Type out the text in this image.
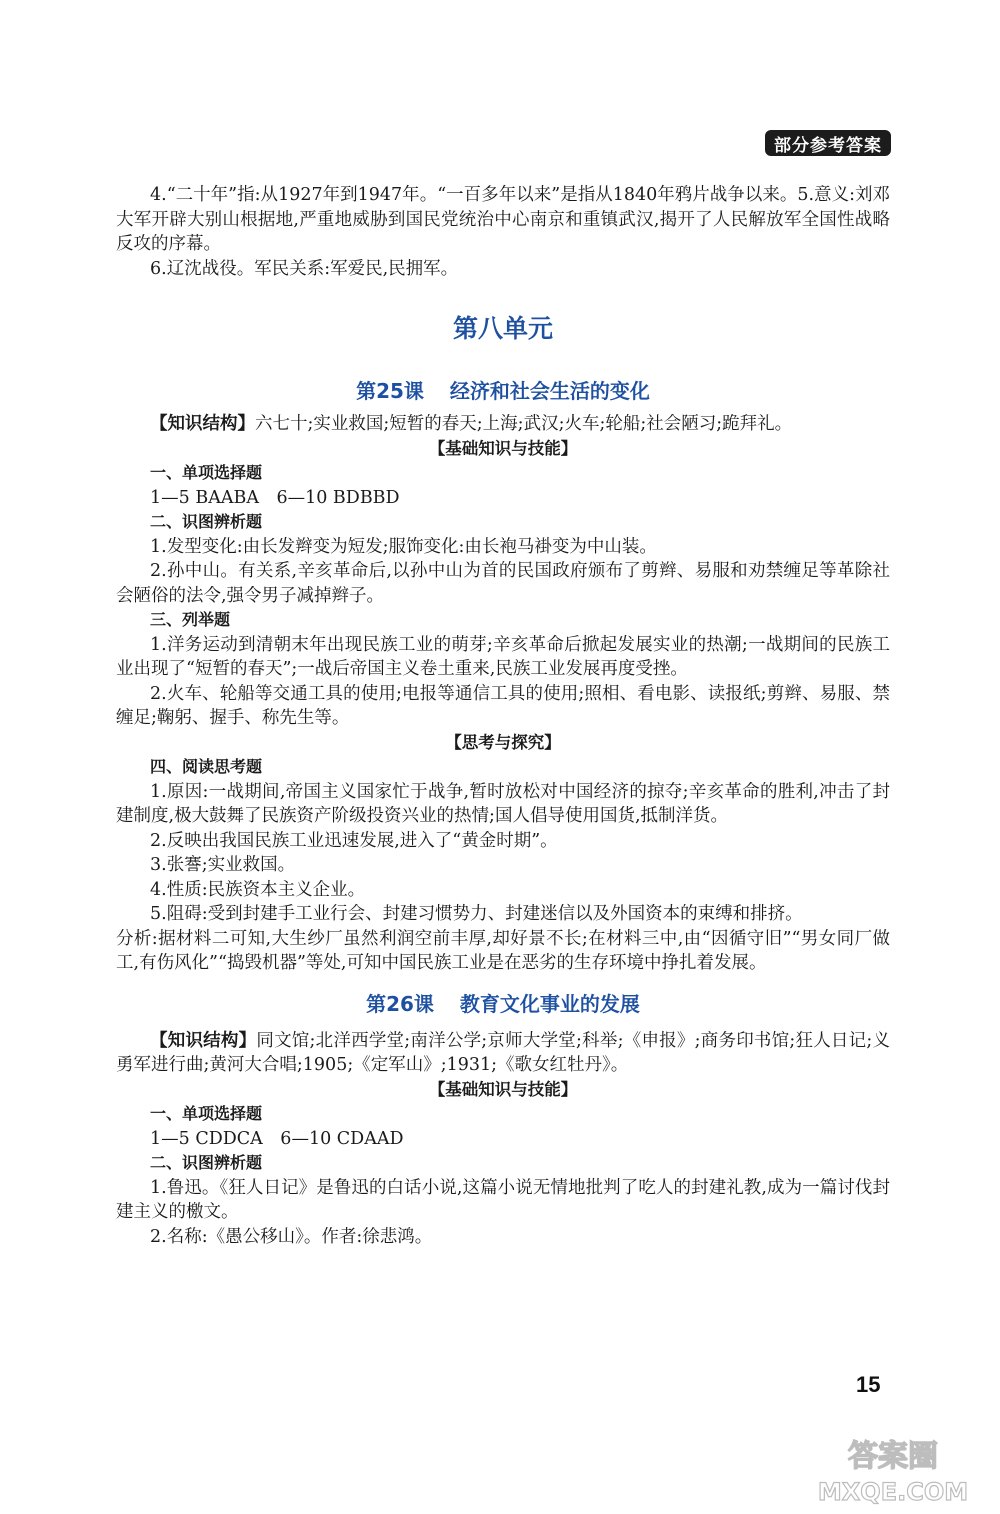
部分参考答案

4.“二十年”指:从1927年到1947年。“一百多年以来”是指从1840年鸦片战争以来。5.意义:刘邓大军开辟大别山根据地,严重地威胁到国民党统治中心南京和重镇武汉,揭开了人民解放军全国性战略反攻的序幕。

6.辽沈战役。军民关系:军爱民,民拥军。

第八单元
第25课 经济和社会生活的变化

【知识结构】六七十;实业救国;短暂的春天;上海;武汉;火车;轮船;社会陋习;跪拜礼。

【基础知识与技能】

一、单项选择题

1—5 BAABA　6—10 BDBBD

二、识图辨析题

1.发型变化:由长发辫变为短发;服饰变化:由长袍马褂变为中山装。

2.孙中山。有关系,辛亥革命后,以孙中山为首的民国政府颁布了剪辫、易服和劝禁缠足等革除社会陋俗的法令,强令男子减掉辫子。

三、列举题

1.洋务运动到清朝末年出现民族工业的萌芽;辛亥革命后掀起发展实业的热潮;一战期间的民族工业出现了“短暂的春天”;一战后帝国主义卷土重来,民族工业发展再度受挫。

2.火车、轮船等交通工具的使用;电报等通信工具的使用;照相、看电影、读报纸;剪辫、易服、禁缠足;鞠躬、握手、称先生等。

【思考与探究】

四、阅读思考题

1.原因:一战期间,帝国主义国家忙于战争,暂时放松对中国经济的掠夺;辛亥革命的胜利,冲击了封建制度,极大鼓舞了民族资产阶级投资兴业的热情;国人倡导使用国货,抵制洋货。

2.反映出我国民族工业迅速发展,进入了“黄金时期”。

3.张謇;实业救国。

4.性质:民族资本主义企业。

5.阻碍:受到封建手工业行会、封建习惯势力、封建迷信以及外国资本的束缚和排挤。

分析:据材料二可知,大生纱厂虽然利润空前丰厚,却好景不长;在材料三中,由“因循守旧”“男女同厂做工,有伤风化”“捣毁机器”等处,可知中国民族工业是在恶劣的生存环境中挣扎着发展。

第26课 教育文化事业的发展

【知识结构】同文馆;北洋西学堂;南洋公学;京师大学堂;科举;《申报》;商务印书馆;狂人日记;义勇军进行曲;黄河大合唱;1905;《定军山》;1931;《歌女红牡丹》。

【基础知识与技能】

一、单项选择题

1—5 CDDCA　6—10 CDAAD

二、识图辨析题

1.鲁迅。《狂人日记》是鲁迅的白话小说,这篇小说无情地批判了吃人的封建礼教,成为一篇讨伐封建主义的檄文。

2.名称:《愚公移山》。作者:徐悲鸿。

15
答案圈
MXQE.COM
